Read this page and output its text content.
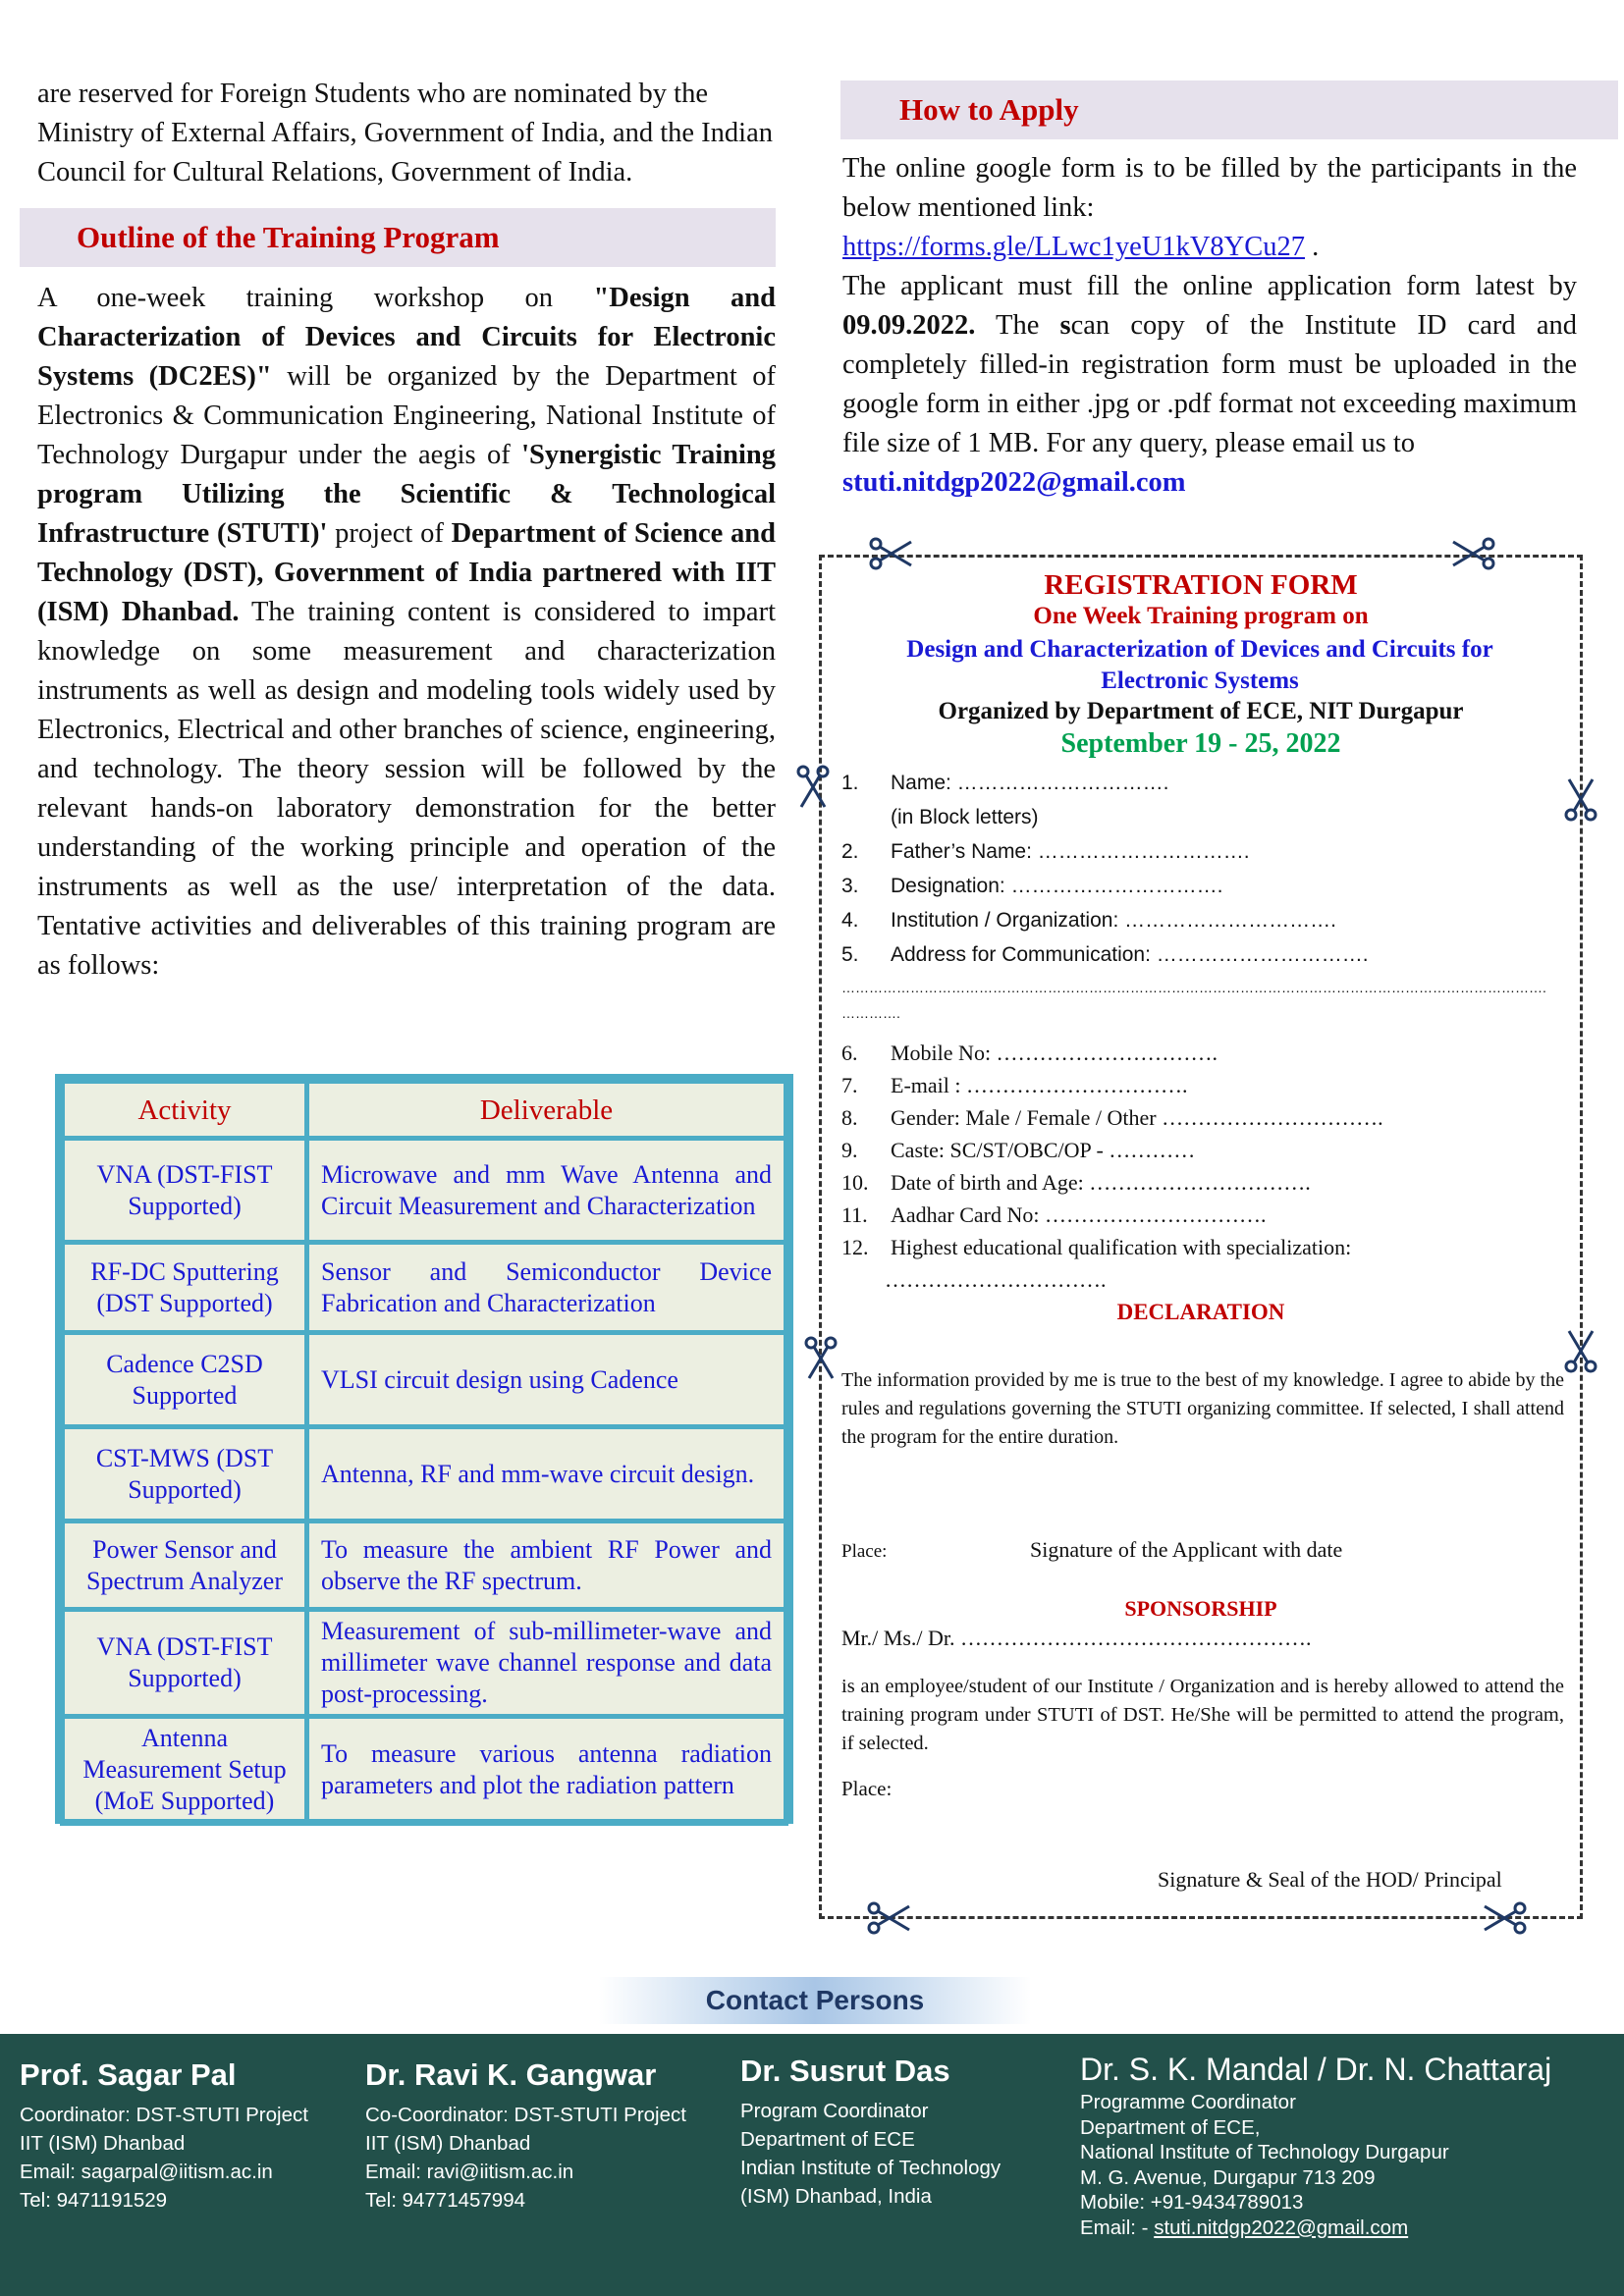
are reserved for Foreign Students who are nominated by the Ministry of External Affairs, Government of India, and the Indian Council for Cultural Relations, Government of India.

Outline of the Training Program

A one-week training workshop on "Design and Characterization of Devices and Circuits for Electronic Systems (DC2ES)" will be organized by the Department of Electronics & Communication Engineering, National Institute of Technology Durgapur under the aegis of 'Synergistic Training program Utilizing the Scientific & Technological Infrastructure (STUTI)' project of Department of Science and Technology (DST), Government of India partnered with IIT (ISM) Dhanbad. The training content is considered to impart knowledge on some measurement and characterization instruments as well as design and modeling tools widely used by Electronics, Electrical and other branches of science, engineering, and technology. The theory session will be followed by the relevant hands-on laboratory demonstration for the better understanding of the working principle and operation of the instruments as well as the use/ interpretation of the data. Tentative activities and deliverables of this training program are as follows:

Activity	Deliverable
VNA (DST-FIST Supported)	Microwave and mm Wave Antenna and Circuit Measurement and Characterization
RF-DC Sputtering (DST Supported)	Sensor and Semiconductor Device Fabrication and Characterization
Cadence C2SD Supported	VLSI circuit design using Cadence
CST-MWS (DST Supported)	Antenna, RF and mm-wave circuit design.
Power Sensor and Spectrum Analyzer	To measure the ambient RF Power and observe the RF spectrum.
VNA (DST-FIST Supported)	Measurement of sub-millimeter-wave and millimeter wave channel response and data post-processing.
Antenna Measurement Setup (MoE Supported)	To measure various antenna radiation parameters and plot the radiation pattern
How to Apply

The online google form is to be filled by the participants in the below mentioned link:
https://forms.gle/LLwc1yeU1kV8YCu27 .
The applicant must fill the online application form latest by 09.09.2022. The scan copy of the Institute ID card and completely filled-in registration form must be uploaded in the google form in either .jpg or .pdf format not exceeding maximum file size of 1 MB. For any query, please email us to
stuti.nitdgp2022@gmail.com

REGISTRATION FORM
One Week Training program on
Design and Characterization of Devices and Circuits for Electronic Systems
Organized by Department of ECE, NIT Durgapur
September 19 - 25, 2022
1. Name: ………………………….
(in Block letters)
2. Father’s Name: ………………………….
3. Designation: ………………………….
4. Institution / Organization: ………………………….
5. Address for Communication: ………………………….
……………………………………………………………………………………………………………………………………….
………….
6. Mobile No: ………………………….
7. E-mail : ………………………….
8. Gender: Male / Female / Other ………………………….
9. Caste: SC/ST/OBC/OP - …………
10. Date of birth and Age: ………………………….
11. Aadhar Card No: ………………………….
12. Highest educational qualification with specialization:
………………………….
DECLARATION
The information provided by me is true to the best of my knowledge. I agree to abide by the rules and regulations governing the STUTI organizing committee. If selected, I shall attend the program for the entire duration.
Place:	Signature of the Applicant with date
SPONSORSHIP
Mr./ Ms./ Dr. ………………………………………….
is an employee/student of our Institute / Organization and is hereby allowed to attend the training program under STUTI of DST. He/She will be permitted to attend the program, if selected.
Place:
Signature & Seal of the HOD/ Principal
Contact Persons
Prof. Sagar Pal
Coordinator: DST-STUTI Project
IIT (ISM) Dhanbad
Email: sagarpal@iitism.ac.in
Tel: 9471191529
Dr. Ravi K. Gangwar
Co-Coordinator: DST-STUTI Project
IIT (ISM) Dhanbad
Email: ravi@iitism.ac.in
Tel: 94771457994
Dr. Susrut Das
Program Coordinator
Department of ECE
Indian Institute of Technology
(ISM) Dhanbad, India
Dr. S. K. Mandal / Dr. N. Chattaraj
Programme Coordinator
Department of ECE,
National Institute of Technology Durgapur
M. G. Avenue, Durgapur 713 209
Mobile: +91-9434789013
Email: - stuti.nitdgp2022@gmail.com
